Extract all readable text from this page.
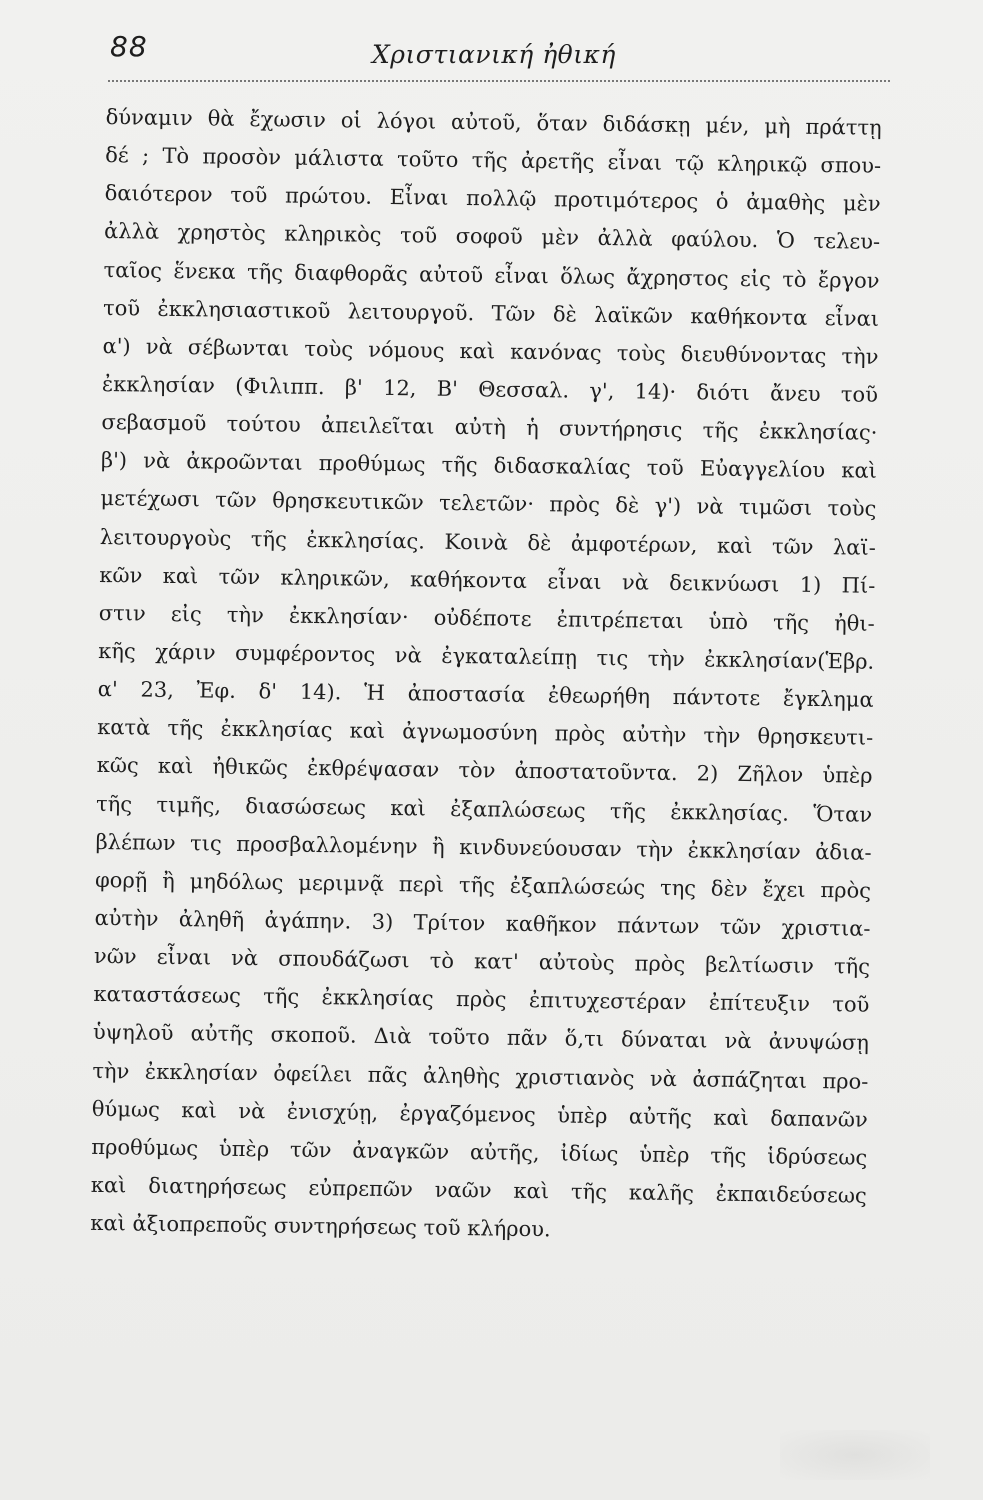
88	Χριστιανική ἠθική
δύναμιν θὰ ἔχωσιν οἱ λόγοι αὐτοῦ, ὅταν διδάσκῃ μέν, μὴ πράττῃ
δέ ; Τὸ προσὸν μάλιστα τοῦτο τῆς ἀρετῆς εἶναι τῷ κληρικῷ σπου-
δαιότερον τοῦ πρώτου. Εἶναι πολλῷ προτιμότερος ὁ ἀμαθὴς μὲν
ἀλλὰ χρηστὸς κληρικὸς τοῦ σοφοῦ μὲν ἀλλὰ φαύλου. Ὁ τελευ-
ταῖος ἕνεκα τῆς διαφθορᾶς αὐτοῦ εἶναι ὅλως ἄχρηστος εἰς τὸ ἔργον
τοῦ ἐκκλησιαστικοῦ λειτουργοῦ. Τῶν δὲ λαϊκῶν καθήκοντα εἶναι
α') νὰ σέβωνται τοὺς νόμους καὶ κανόνας τοὺς διευθύνοντας τὴν
ἐκκλησίαν (Φιλιππ. β' 12, Β' Θεσσαλ. γ', 14)· διότι ἄνευ τοῦ
σεβασμοῦ τούτου ἀπειλεῖται αὐτὴ ἡ συντήρησις τῆς ἐκκλησίας·
β') νὰ ἀκροῶνται προθύμως τῆς διδασκαλίας τοῦ Εὐαγγελίου καὶ
μετέχωσι τῶν θρησκευτικῶν τελετῶν· πρὸς δὲ γ') νὰ τιμῶσι τοὺς
λειτουργοὺς τῆς ἐκκλησίας. Κοινὰ δὲ ἀμφοτέρων, καὶ τῶν λαϊ-
κῶν καὶ τῶν κληρικῶν, καθήκοντα εἶναι νὰ δεικνύωσι 1) Πί-
στιν εἰς τὴν ἐκκλησίαν· οὐδέποτε ἐπιτρέπεται ὑπὸ τῆς ἠθι-
κῆς χάριν συμφέροντος νὰ ἐγκαταλείπῃ τις τὴν ἐκκλησίαν(Ἑβρ.
α' 23, Ἐφ. δ' 14). Ἡ ἀποστασία ἐθεωρήθη πάντοτε ἔγκλημα
κατὰ τῆς ἐκκλησίας καὶ ἀγνωμοσύνη πρὸς αὐτὴν τὴν θρησκευτι-
κῶς καὶ ἠθικῶς ἐκθρέψασαν τὸν ἀποστατοῦντα. 2) Ζῆλον ὑπὲρ
τῆς τιμῆς, διασώσεως καὶ ἐξαπλώσεως τῆς ἐκκλησίας. Ὅταν
βλέπων τις προσβαλλομένην ἢ κινδυνεύουσαν τὴν ἐκκλησίαν ἀδια-
φορῇ ἢ μηδόλως μεριμνᾷ περὶ τῆς ἐξαπλώσεώς της δὲν ἔχει πρὸς
αὐτὴν ἀληθῆ ἀγάπην. 3) Τρίτον καθῆκον πάντων τῶν χριστια-
νῶν εἶναι νὰ σπουδάζωσι τὸ κατ' αὐτοὺς πρὸς βελτίωσιν τῆς
καταστάσεως τῆς ἐκκλησίας πρὸς ἐπιτυχεστέραν ἐπίτευξιν τοῦ
ὑψηλοῦ αὐτῆς σκοποῦ. Διὰ τοῦτο πᾶν ὅ,τι δύναται νὰ ἀνυψώσῃ
τὴν ἐκκλησίαν ὀφείλει πᾶς ἀληθὴς χριστιανὸς νὰ ἀσπάζηται προ-
θύμως καὶ νὰ ἐνισχύῃ, ἐργαζόμενος ὑπὲρ αὐτῆς καὶ δαπανῶν
προθύμως ὑπὲρ τῶν ἀναγκῶν αὐτῆς, ἰδίως ὑπὲρ τῆς ἱδρύσεως
καὶ διατηρήσεως εὐπρεπῶν ναῶν καὶ τῆς καλῆς ἐκπαιδεύσεως
καὶ ἀξιοπρεποῦς συντηρήσεως τοῦ κλήρου.
